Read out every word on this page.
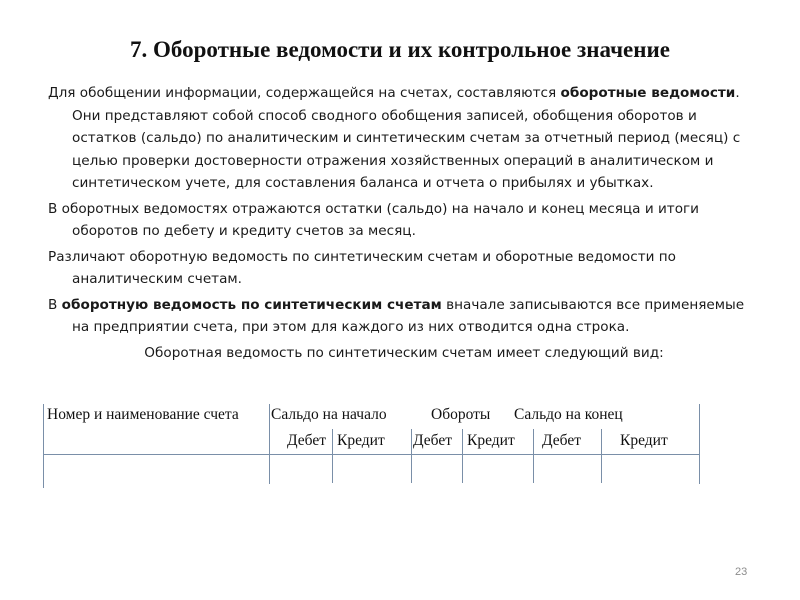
7. Оборотные ведомости и их контрольное значение

Для обобщении информации, содержащейся на счетах, составляются оборотные ведомости. Они представляют собой способ сводного обобщения записей, обобщения оборотов и остатков (сальдо) по аналитическим и синтетическим счетам за отчетный период (месяц) с целью проверки достоверности отражения хозяйственных операций в аналитическом и синтетическом учете, для составления баланса и отчета о прибылях и убытках.

В оборотных ведомостях отражаются остатки (сальдо) на начало и конец месяца и итоги оборотов по дебету и кредиту счетов за месяц.

Различают оборотную ведомость по синтетическим счетам и оборотные ведомости по аналитическим счетам.

В оборотную ведомость по синтетическим счетам вначале записываются все применяемые на предприятии счета, при этом для каждого из них отводится одна строка.

Оборотная ведомость по синтетическим счетам имеет следующий вид:

Номер и наименование счета Сальдо на начало	Обороты Сальдо на конец
Дебет Кредит Дебет Кредит Дебет	Кредит
23
